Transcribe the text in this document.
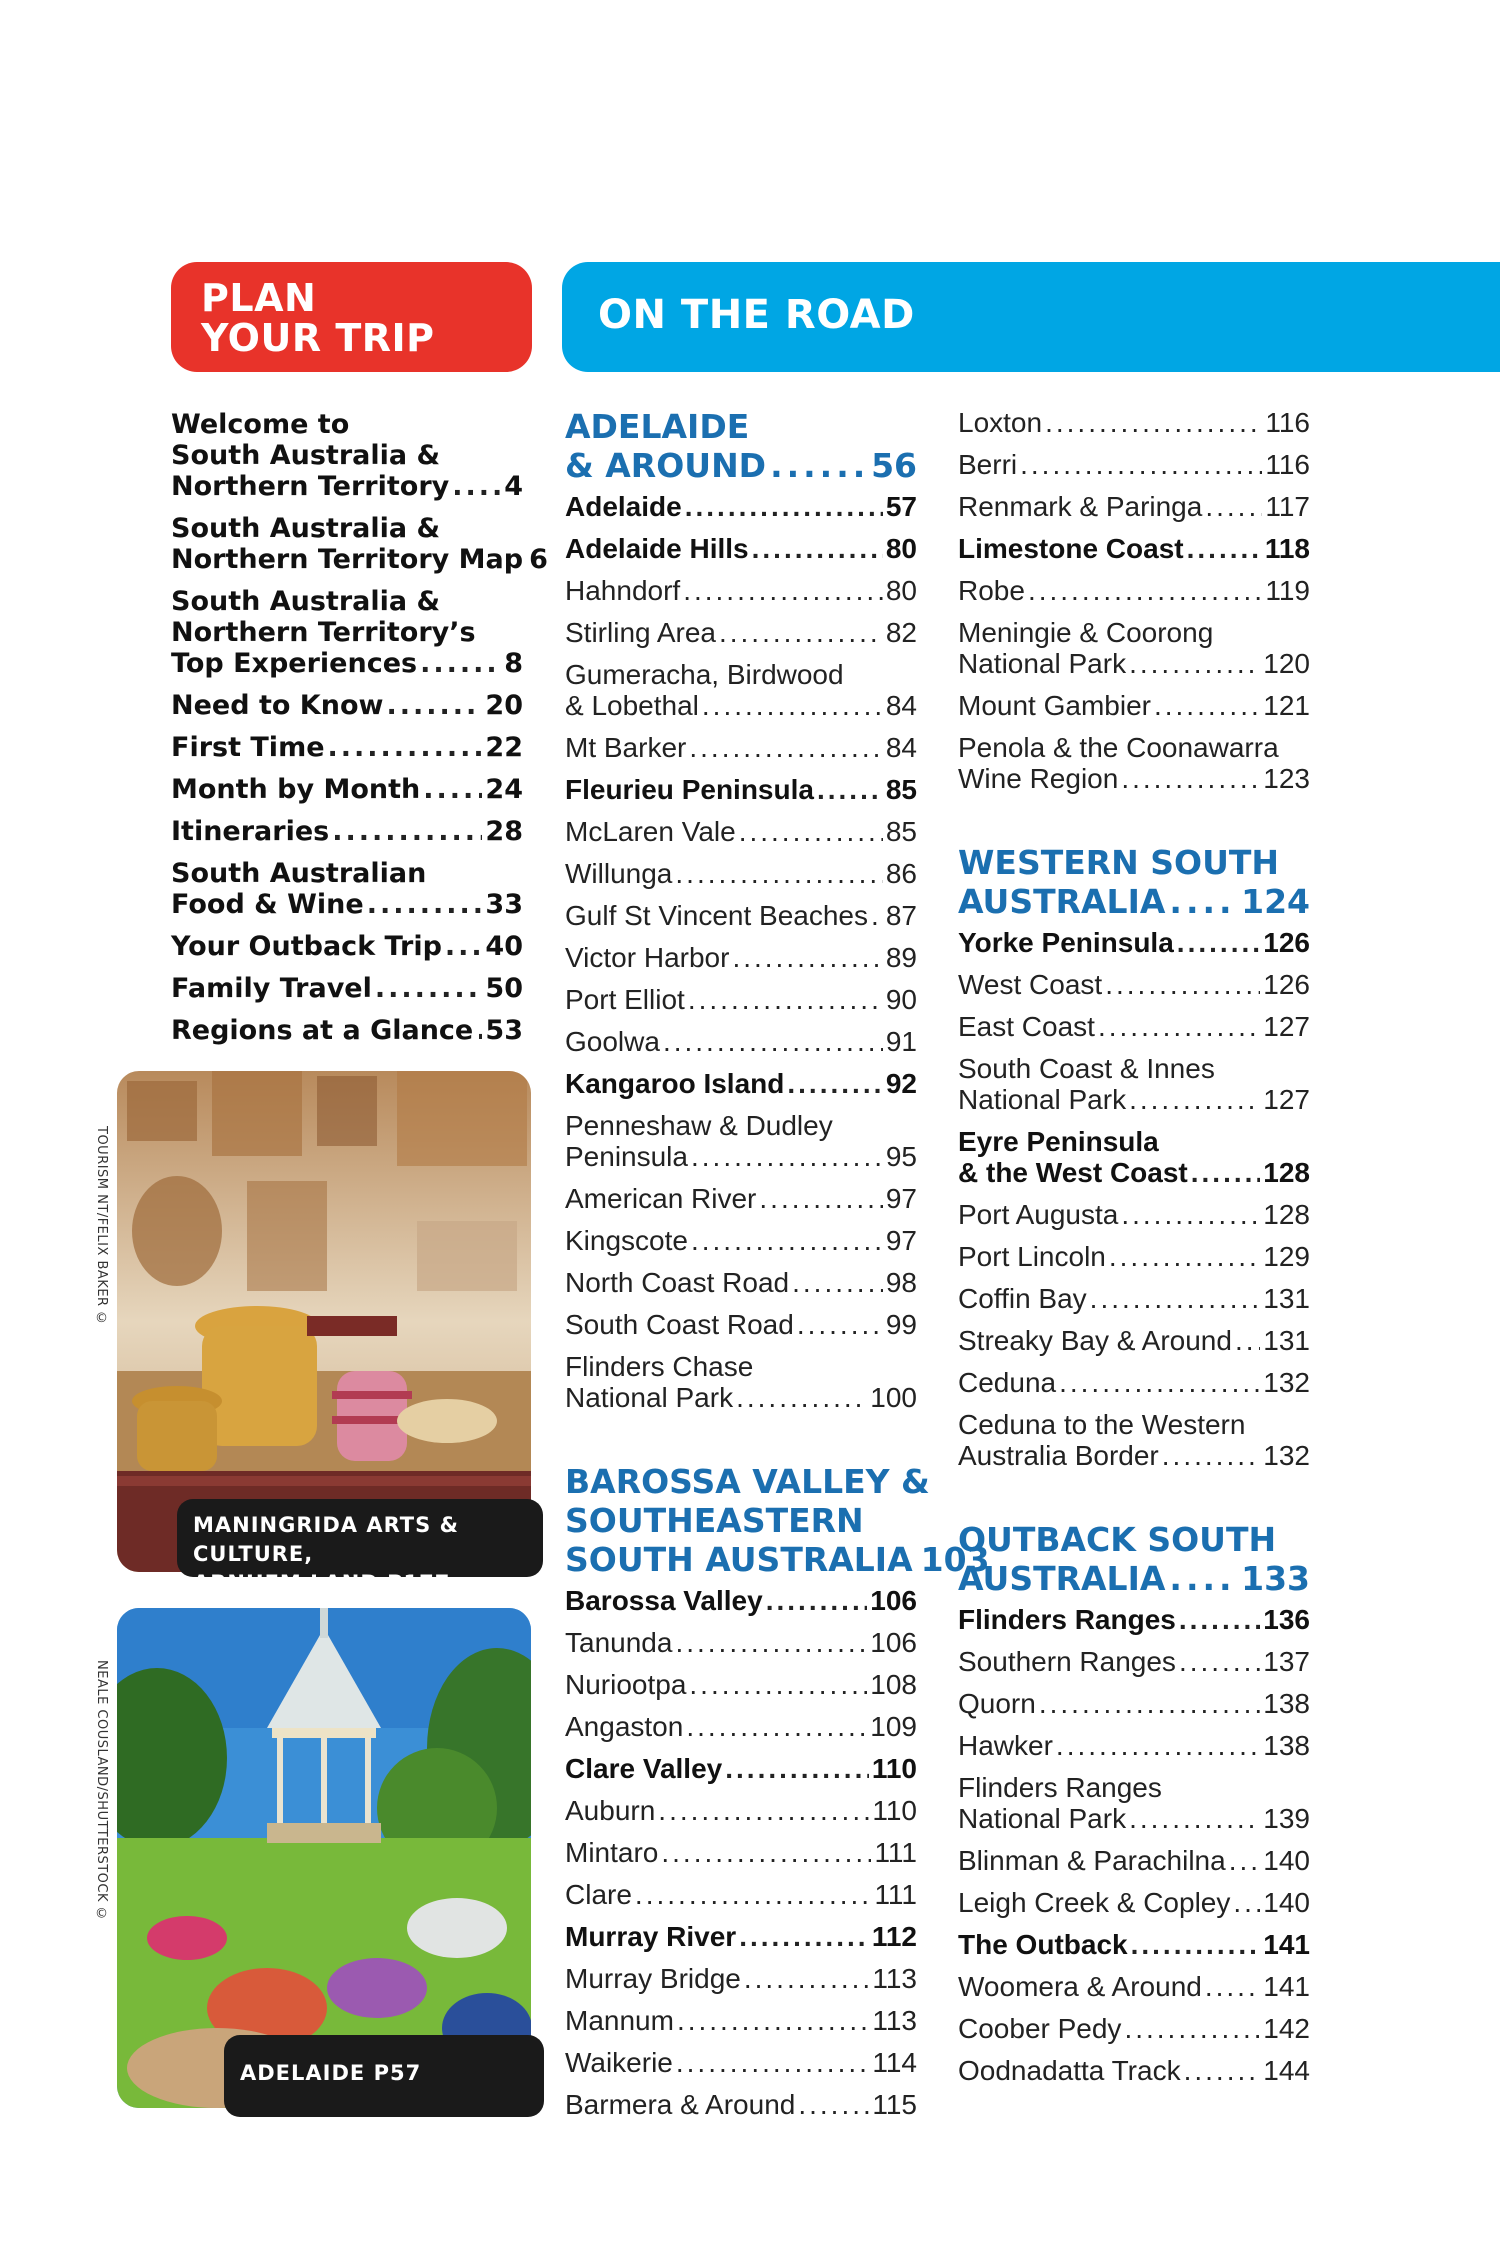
PLAN
YOUR TRIP	ON THE ROAD
Welcome to
South Australia &
Northern Territory ..... 4
South Australia &
Northern Territory Map 6
South Australia &
Northern Territory’s
Top Experiences .....	8
Need to Know .....	20
First Time .....	22
Month by Month ..... 24
Itineraries .....	28
South Australian
Food & Wine .....	33
Your Outback Trip ..... 40
Family Travel .....	50
Regions at a Glance ..... 53
MANINGRIDA ARTS & CULTURE,
ARNHEM LAND P177
TOURISM NT/FELIX BAKER ©
ADELAIDE P57
NEALE COUSLAND/SHUTTERSTOCK ©
ADELAIDE
& AROUND .....	56
Adelaide .....	57
Adelaide Hills .....	80
Hahndorf .....	80
Stirling Area .....	82
Gumeracha, Birdwood
& Lobethal .....	84
Mt Barker .....	84
Fleurieu Peninsula .....	85
McLaren Vale .....	85
Willunga .....	86
Gulf St Vincent Beaches ..... 87
Victor Harbor .....	89
Port Elliot .....	90
Goolwa .....	91
Kangaroo Island .....	92
Penneshaw & Dudley
Peninsula .....	95
American River .....	97
Kingscote .....	97
North Coast Road .....	98
South Coast Road .....	99
Flinders Chase
National Park .....	100
BAROSSA VALLEY &
SOUTHEASTERN
SOUTH AUSTRALIA 103
Barossa Valley .....	106
Tanunda .....	106
Nuriootpa .....	108
Angaston .....	109
Clare Valley .....	110
Auburn .....	110
Mintaro .....	111
Clare .....	111
Murray River .....	112
Murray Bridge .....	113
Mannum .....	113
Waikerie .....	114
Barmera & Around .....	115
Loxton .....	116
Berri .....	116
Renmark & Paringa ..... 117
Limestone Coast .....	118
Robe .....	119
Meningie & Coorong
National Park .....	120
Mount Gambier .....	121
Penola & the Coonawarra
Wine Region .....	123
WESTERN SOUTH
AUSTRALIA ..... 124
Yorke Peninsula .....	126
West Coast .....	126
East Coast .....	127
South Coast & Innes
National Park .....	127
Eyre Peninsula
& the West Coast .....	128
Port Augusta .....	128
Port Lincoln .....	129
Coffin Bay .....	131
Streaky Bay & Around ..... 131
Ceduna .....	132
Ceduna to the Western
Australia Border .....	132
OUTBACK SOUTH
AUSTRALIA ..... 133
Flinders Ranges .....	136
Southern Ranges .....	137
Quorn .....	138
Hawker .....	138
Flinders Ranges
National Park .....	139
Blinman & Parachilna ..... 140
Leigh Creek & Copley ..... 140
The Outback .....	141
Woomera & Around ..... 141
Coober Pedy .....	142
Oodnadatta Track .....	144
